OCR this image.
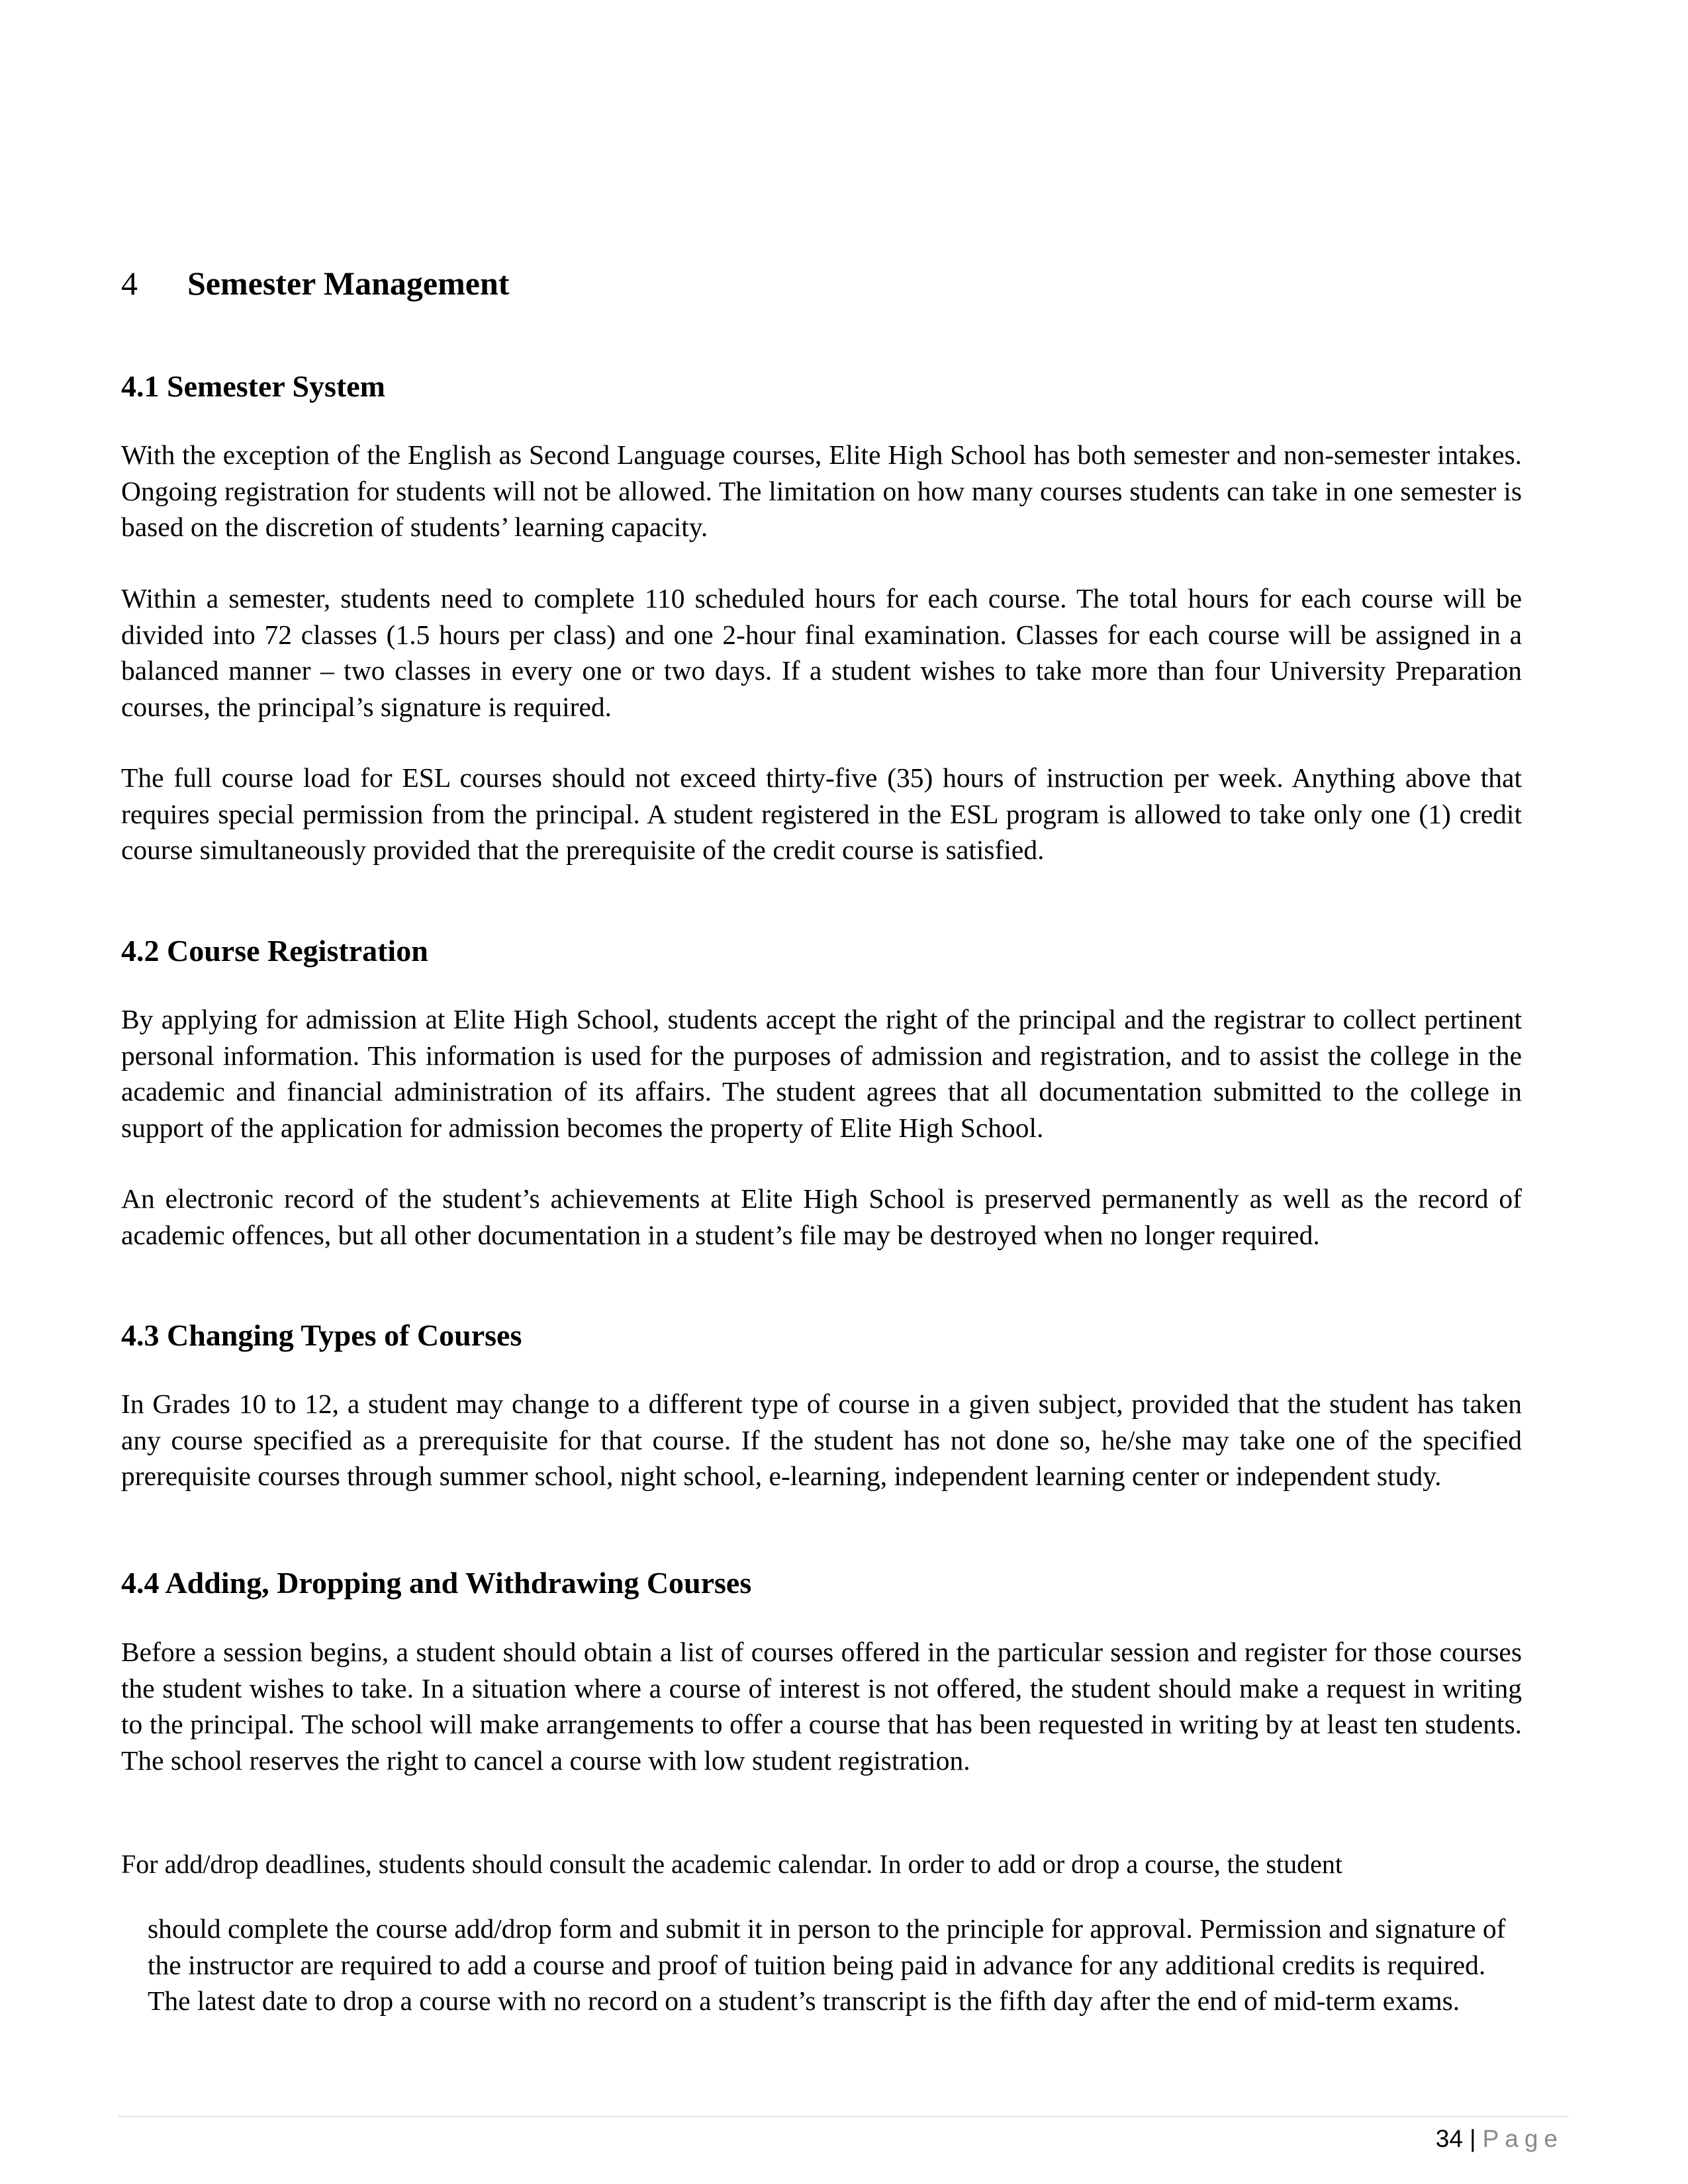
4 Semester Management
4.1 Semester System

With the exception of the English as Second Language courses, Elite High School has both semester and non-semester intakes. Ongoing registration for students will not be allowed. The limitation on how many courses students can take in one semester is based on the discretion of students’ learning capacity.

Within a semester, students need to complete 110 scheduled hours for each course. The total hours for each course will be divided into 72 classes (1.5 hours per class) and one 2-hour final examination. Classes for each course will be assigned in a balanced manner – two classes in every one or two days. If a student wishes to take more than four University Preparation courses, the principal’s signature is required.

The full course load for ESL courses should not exceed thirty-five (35) hours of instruction per week. Anything above that requires special permission from the principal. A student registered in the ESL program is allowed to take only one (1) credit course simultaneously provided that the prerequisite of the credit course is satisfied.

4.2 Course Registration

By applying for admission at Elite High School, students accept the right of the principal and the registrar to collect pertinent personal information. This information is used for the purposes of admission and registration, and to assist the college in the academic and financial administration of its affairs. The student agrees that all documentation submitted to the college in support of the application for admission becomes the property of Elite High School.

An electronic record of the student’s achievements at Elite High School is preserved permanently as well as the record of academic offences, but all other documentation in a student’s file may be destroyed when no longer required.

4.3 Changing Types of Courses

In Grades 10 to 12, a student may change to a different type of course in a given subject, provided that the student has taken any course specified as a prerequisite for that course. If the student has not done so, he/she may take one of the specified prerequisite courses through summer school, night school, e-learning, independent learning center or independent study.

4.4 Adding, Dropping and Withdrawing Courses

Before a session begins, a student should obtain a list of courses offered in the particular session and register for those courses the student wishes to take. In a situation where a course of interest is not offered, the student should make a request in writing to the principal. The school will make arrangements to offer a course that has been requested in writing by at least ten students. The school reserves the right to cancel a course with low student registration.

For add/drop deadlines, students should consult the academic calendar. In order to add or drop a course, the student

should complete the course add/drop form and submit it in person to the principle for approval. Permission and signature of the instructor are required to add a course and proof of tuition being paid in advance for any additional credits is required. The latest date to drop a course with no record on a student’s transcript is the fifth day after the end of mid-term exams.

34 | Page
